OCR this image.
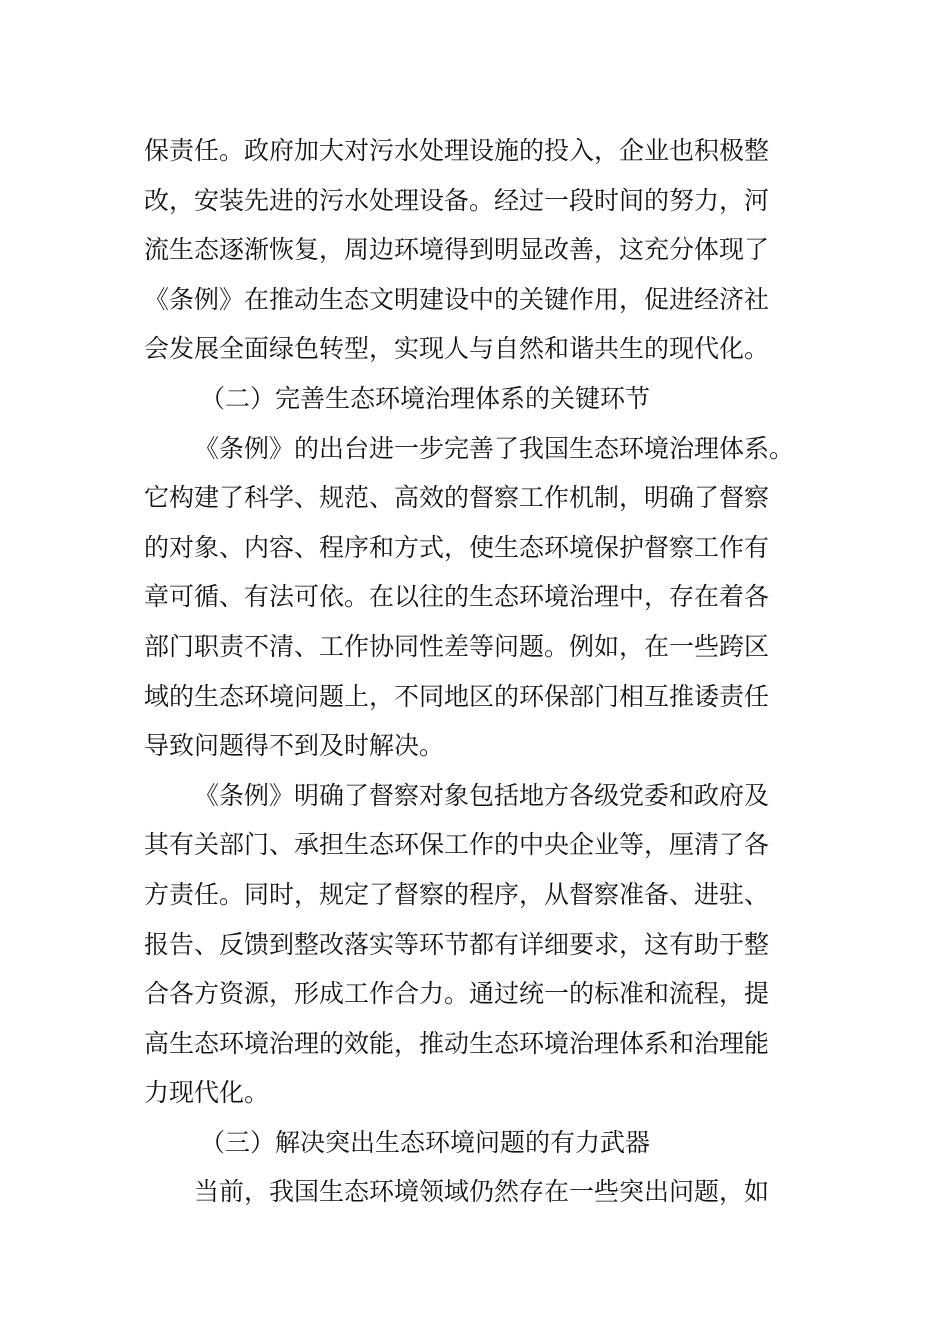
保责任。政府加大对污水处理设施的投入，企业也积极整
改，安装先进的污水处理设备。经过一段时间的努力，河
流生态逐渐恢复，周边环境得到明显改善，这充分体现了
《条例》在推动生态文明建设中的关键作用，促进经济社
会发展全面绿色转型，实现人与自然和谐共生的现代化。
（二）完善生态环境治理体系的关键环节
《条例》的出台进一步完善了我国生态环境治理体系。
它构建了科学、规范、高效的督察工作机制，明确了督察
的对象、内容、程序和方式，使生态环境保护督察工作有
章可循、有法可依。在以往的生态环境治理中，存在着各
部门职责不清、工作协同性差等问题。例如，在一些跨区
域的生态环境问题上，不同地区的环保部门相互推诿责任
导致问题得不到及时解决。
《条例》明确了督察对象包括地方各级党委和政府及
其有关部门、承担生态环保工作的中央企业等，厘清了各
方责任。同时，规定了督察的程序，从督察准备、进驻、
报告、反馈到整改落实等环节都有详细要求，这有助于整
合各方资源，形成工作合力。通过统一的标准和流程，提
高生态环境治理的效能，推动生态环境治理体系和治理能
力现代化。
（三）解决突出生态环境问题的有力武器
当前，我国生态环境领域仍然存在一些突出问题，如
